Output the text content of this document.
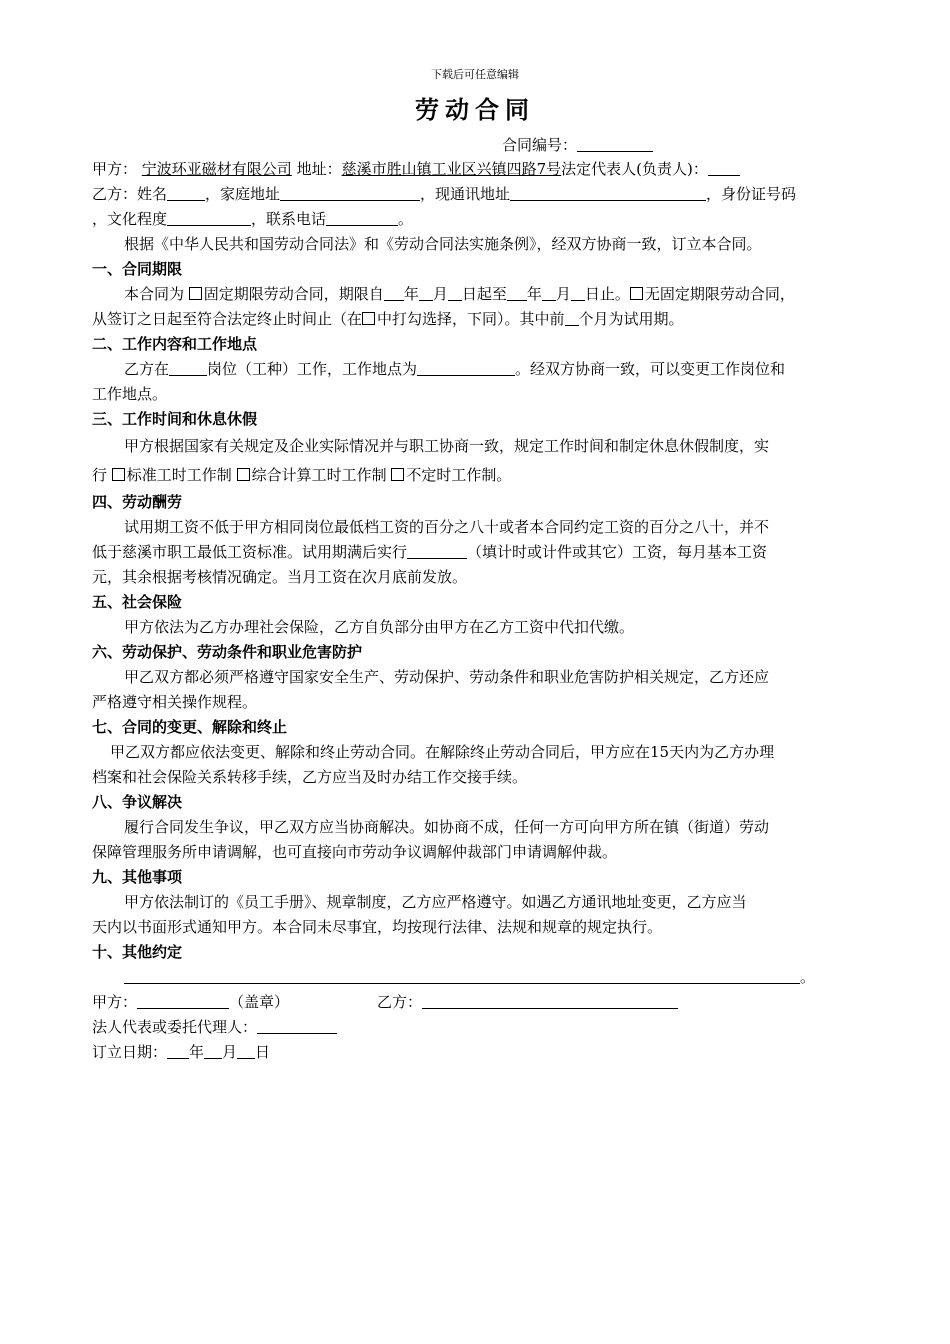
下载后可任意编辑
劳动合同
合同编号：
甲方： 宁波环亚磁材有限公司 地址：慈溪市胜山镇工业区兴镇四路7号法定代表人(负责人)：
乙方：姓名	，家庭地址	，现通讯地址	，身份证号码
，文化程度	，联系电话	。
根据《中华人民共和国劳动合同法》和《劳动合同法实施条例》，经双方协商一致，订立本合同。
一、合同期限
本合同为 固定期限劳动合同，期限自 年 月 日起至 年 月 日止。 无固定期限劳动合同，
从签订之日起至符合法定终止时间止（在 中打勾选择，下同）。其中前 个月为试用期。
二、工作内容和工作地点
乙方在	岗位（工种）工作，工作地点为	。经双方协商一致，可以变更工作岗位和
工作地点。
三、工作时间和休息休假
甲方根据国家有关规定及企业实际情况并与职工协商一致，规定工作时间和制定休息休假制度，实
行 标准工时工作制 综合计算工时工作制 不定时工作制。
四、劳动酬劳
试用期工资不低于甲方相同岗位最低档工资的百分之八十或者本合同约定工资的百分之八十，并不
低于慈溪市职工最低工资标准。试用期满后实行	（填计时或计件或其它）工资，每月基本工资
元，其余根据考核情况确定。当月工资在次月底前发放。
五、社会保险
甲方依法为乙方办理社会保险，乙方自负部分由甲方在乙方工资中代扣代缴。
六、劳动保护、劳动条件和职业危害防护
甲乙双方都必须严格遵守国家安全生产、劳动保护、劳动条件和职业危害防护相关规定，乙方还应
严格遵守相关操作规程。
七、合同的变更、解除和终止
甲乙双方都应依法变更、解除和终止劳动合同。在解除终止劳动合同后，甲方应在15天内为乙方办理
档案和社会保险关系转移手续，乙方应当及时办结工作交接手续。
八、争议解决
履行合同发生争议，甲乙双方应当协商解决。如协商不成，任何一方可向甲方所在镇（街道）劳动
保障管理服务所申请调解，也可直接向市劳动争议调解仲裁部门申请调解仲裁。
九、其他事项
甲方依法制订的《员工手册》、规章制度，乙方应严格遵守。如遇乙方通讯地址变更，乙方应当
天内以书面形式通知甲方。本合同未尽事宜，均按现行法律、法规和规章的规定执行。
十、其他约定
。
甲方：	（盖章）	乙方：
法人代表或委托代理人：
订立日期： 年 月 日
